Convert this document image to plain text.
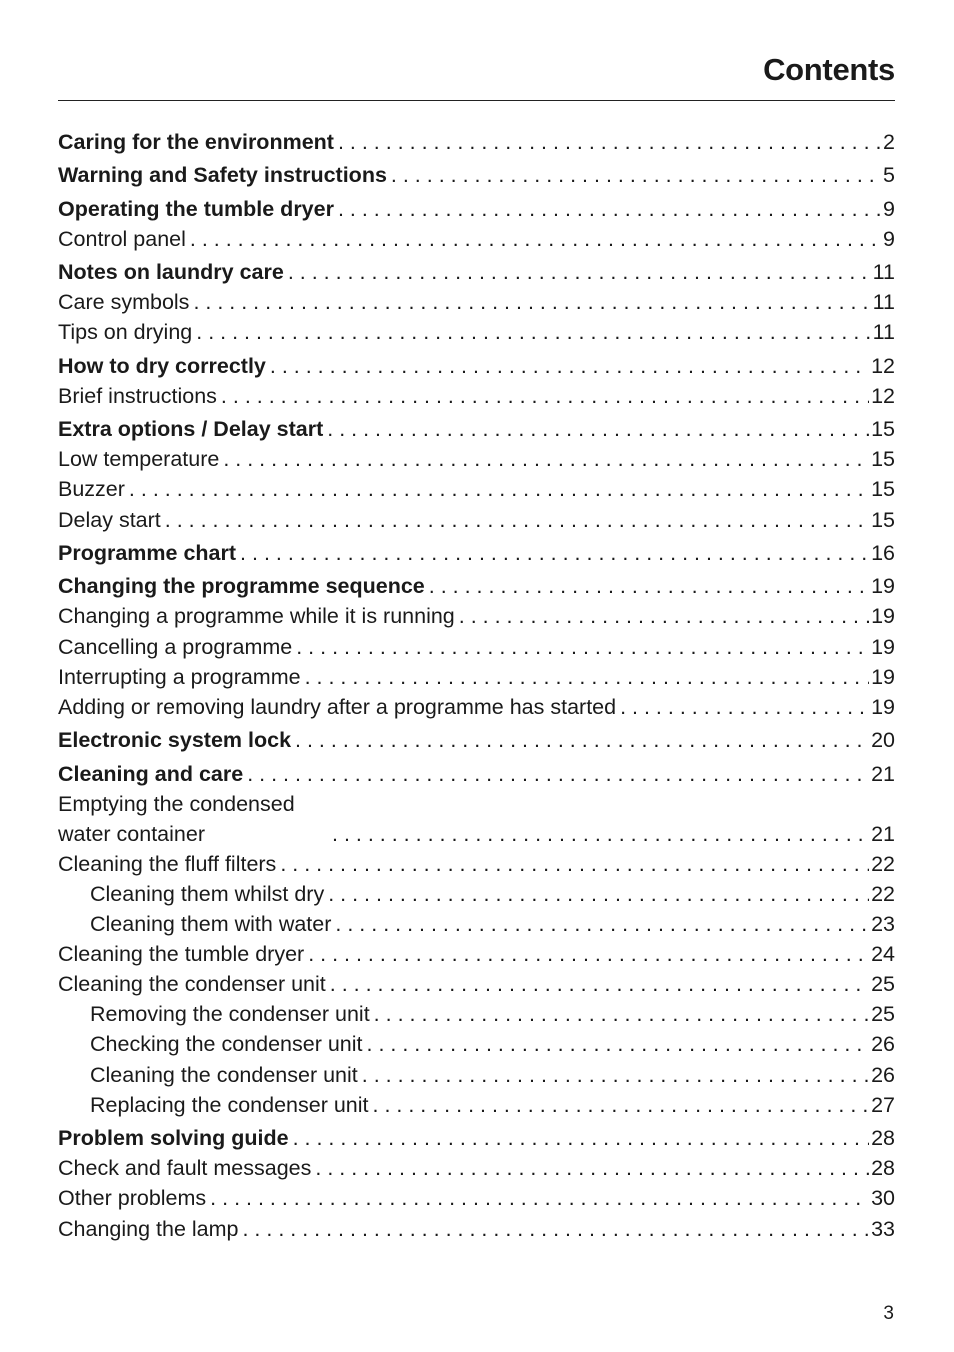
Contents
Caring for the environment . . .	2
Warning and Safety instructions . . .	5
Operating the tumble dryer . . .	9
Control panel . . .	9
Notes on laundry care . . .	11
Care symbols . . .	11
Tips on drying . . .	11
How to dry correctly . . .	12
Brief instructions . . .	12
Extra options / Delay start . . .	15
Low temperature . . .	15
Buzzer . . .	15
Delay start . . .	15
Programme chart . . .	16
Changing the programme sequence . . .	19
Changing a programme while it is running . . .	19
Cancelling a programme . . .	19
Interrupting a programme . . .	19
Adding or removing laundry after a programme has started . . .	19
Electronic system lock . . .	20
Cleaning and care . . .	21
Emptying the condensed water container . . .	21
Cleaning the fluff filters . . .	22
Cleaning them whilst dry . . .	22
Cleaning them with water . . .	23
Cleaning the tumble dryer . . .	24
Cleaning the condenser unit . . .	25
Removing the condenser unit . . .	25
Checking the condenser unit . . .	26
Cleaning the condenser unit . . .	26
Replacing the condenser unit . . .	27
Problem solving guide . . .	28
Check and fault messages . . .	28
Other problems . . .	30
Changing the lamp . . .	33
3
